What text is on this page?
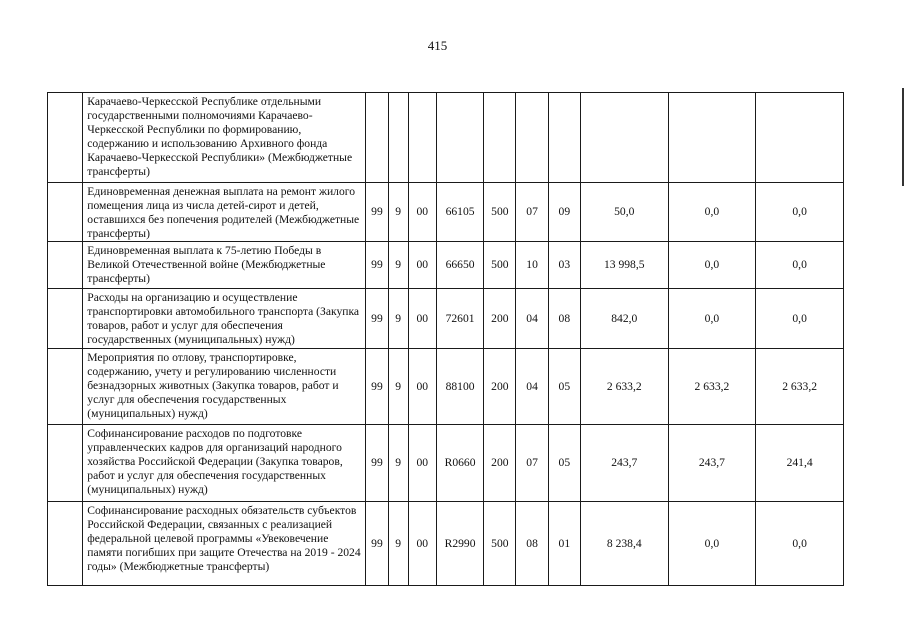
415
	Карачаево-Черкесской Республике отдельными государственными полномочиями Карачаево-Черкесской Республики по формированию, содержанию и использованию Архивного фонда Карачаево-Черкесской Республики» (Межбюджетные трансферты)										
	Единовременная денежная выплата на ремонт жилого помещения лица из числа детей-сирот и детей, оставшихся без попечения родителей (Межбюджетные трансферты)	99	9	00	66105	500	07	09	50,0	0,0	0,0
	Единовременная выплата к 75-летию Победы в Великой Отечественной войне (Межбюджетные трансферты)	99	9	00	66650	500	10	03	13 998,5	0,0	0,0
	Расходы на организацию и осуществление транспортировки автомобильного транспорта (Закупка товаров, работ и услуг для обеспечения государственных (муниципальных) нужд)	99	9	00	72601	200	04	08	842,0	0,0	0,0
	Мероприятия по отлову, транспортировке, содержанию, учету и регулированию численности безнадзорных животных (Закупка товаров, работ и услуг для обеспечения государственных (муниципальных) нужд)	99	9	00	88100	200	04	05	2 633,2	2 633,2	2 633,2
	Софинансирование расходов по подготовке управленческих кадров для организаций народного хозяйства Российской Федерации (Закупка товаров, работ и услуг для обеспечения государственных (муниципальных) нужд)	99	9	00	R0660	200	07	05	243,7	243,7	241,4
	Софинансирование расходных обязательств субъектов Российской Федерации, связанных с реализацией федеральной целевой программы «Увековечение памяти погибших при защите Отечества на 2019 - 2024 годы» (Межбюджетные трансферты)	99	9	00	R2990	500	08	01	8 238,4	0,0	0,0
